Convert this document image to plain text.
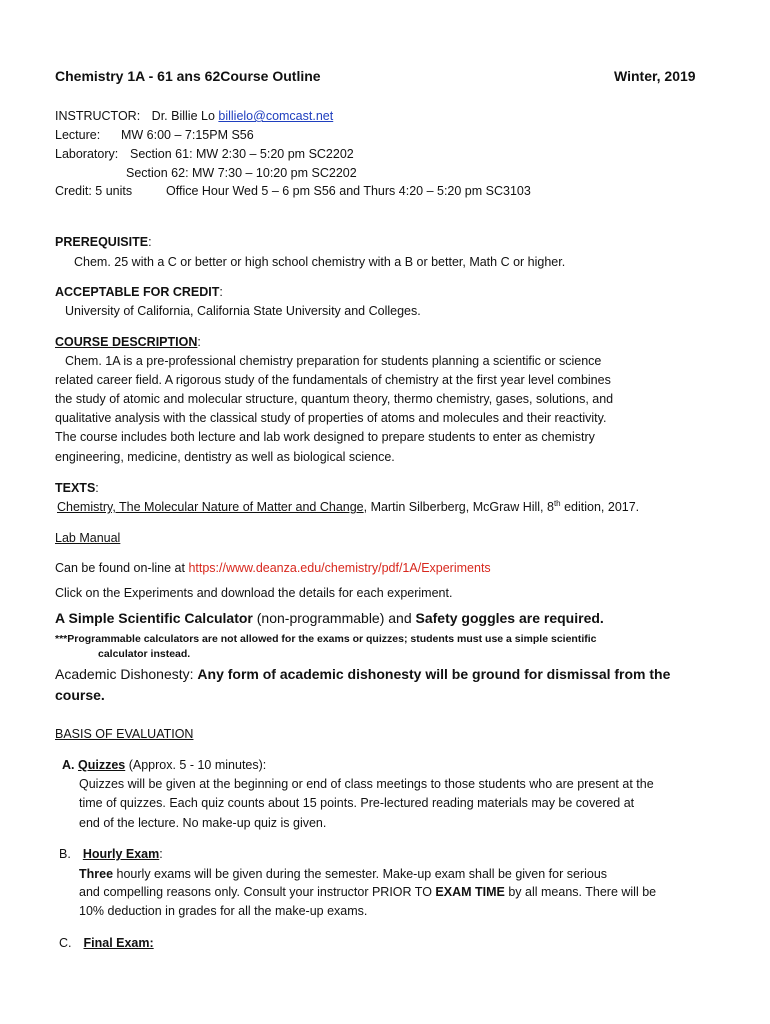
Chemistry 1A - 61 ans 62Course Outline	Winter, 2019
INSTRUCTOR: Dr. Billie Lo billielo@comcast.net
Lecture: MW 6:00 – 7:15PM S56
Laboratory: Section 61: MW 2:30 – 5:20 pm SC2202
Section 62: MW 7:30 – 10:20 pm SC2202
Credit: 5 units	Office Hour Wed 5 – 6 pm S56 and Thurs 4:20 – 5:20 pm SC3103
PREREQUISITE:
Chem. 25 with a C or better or high school chemistry with a B or better, Math C or higher.
ACCEPTABLE FOR CREDIT:
University of California, California State University and Colleges.
COURSE DESCRIPTION:
Chem. 1A is a pre-professional chemistry preparation for students planning a scientific or science
related career field. A rigorous study of the fundamentals of chemistry at the first year level combines
the study of atomic and molecular structure, quantum theory, thermo chemistry, gases, solutions, and
qualitative analysis with the classical study of properties of atoms and molecules and their reactivity.
The course includes both lecture and lab work designed to prepare students to enter as chemistry
engineering, medicine, dentistry as well as biological science.
TEXTS:
Chemistry, The Molecular Nature of Matter and Change, Martin Silberberg, McGraw Hill, 8th edition, 2017.
Lab Manual
Can be found on-line at https://www.deanza.edu/chemistry/pdf/1A/Experiments
Click on the Experiments and download the details for each experiment.
A Simple Scientific Calculator (non-programmable) and Safety goggles are required.
***Programmable calculators are not allowed for the exams or quizzes; students must use a simple scientific
calculator instead.
Academic Dishonesty: Any form of academic dishonesty will be ground for dismissal from the
course.
BASIS OF EVALUATION
A. Quizzes (Approx. 5 - 10 minutes):
Quizzes will be given at the beginning or end of class meetings to those students who are present at the
time of quizzes. Each quiz counts about 15 points. Pre-lectured reading materials may be covered at
end of the lecture. No make-up quiz is given.
B. Hourly Exam:
Three hourly exams will be given during the semester. Make-up exam shall be given for serious
and compelling reasons only. Consult your instructor PRIOR TO EXAM TIME by all means. There will be
10% deduction in grades for all the make-up exams.
C. Final Exam:
